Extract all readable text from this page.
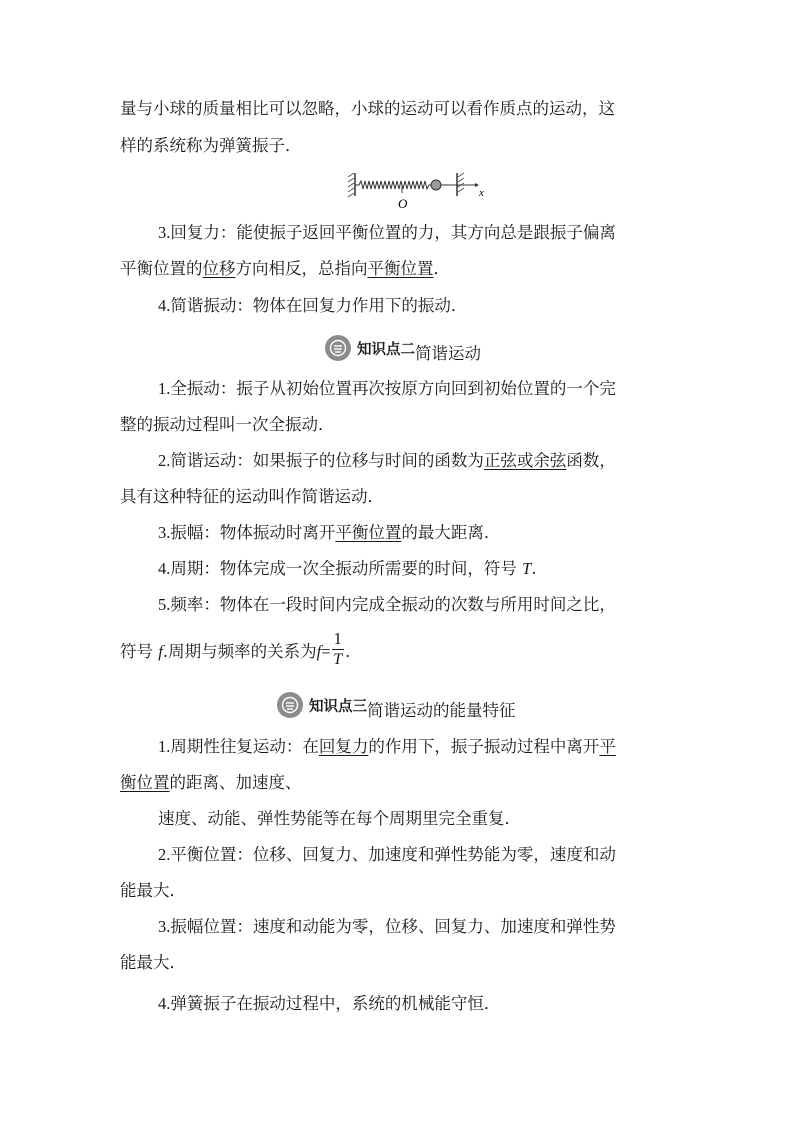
量与小球的质量相比可以忽略，小球的运动可以看作质点的运动，这
样的系统称为弹簧振子．
O
x
3.回复力：能使振子返回平衡位置的力，其方向总是跟振子偏离
平衡位置的位移方向相反，总指向平衡位置．
4.简谐振动：物体在回复力作用下的振动．
知识点二 简谐运动
1.全振动：振子从初始位置再次按原方向回到初始位置的一个完
整的振动过程叫一次全振动．
2.简谐运动：如果振子的位移与时间的函数为正弦或余弦函数，
具有这种特征的运动叫作简谐运动．
3.振幅：物体振动时离开平衡位置的最大距离．
4.周期：物体完成一次全振动所需要的时间，符号 T.
5.频率：物体在一段时间内完成全振动的次数与所用时间之比，
符号 f.周期与频率的关系为$f= \frac{1}{T}$ .
知识点三 简谐运动的能量特征
1.周期性往复运动：在回复力的作用下，振子振动过程中离开平
衡位置的距离、加速度、
速度、动能、弹性势能等在每个周期里完全重复．
2.平衡位置：位移、回复力、加速度和弹性势能为零，速度和动
能最大．
3.振幅位置：速度和动能为零，位移、回复力、加速度和弹性势
能最大．
4.弹簧振子在振动过程中，系统的机械能守恒．
